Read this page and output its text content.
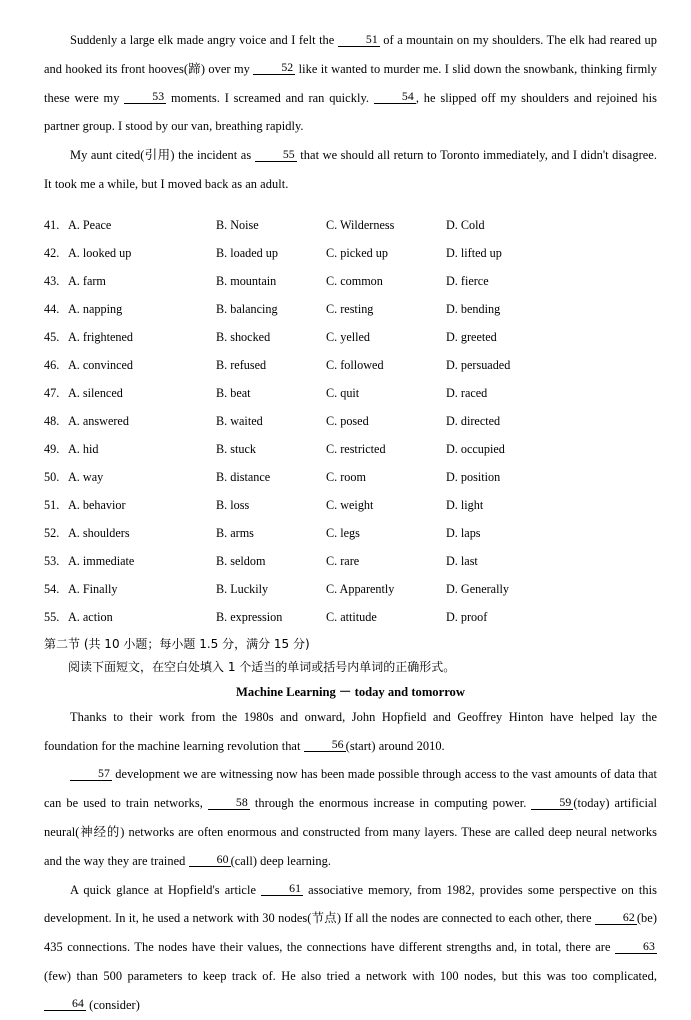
Suddenly a large elk made angry voice and I felt the 51 of a mountain on my shoulders. The elk had reared up and hooked its front hooves(蹄) over my 52 like it wanted to murder me. I slid down the snowbank, thinking firmly these were my 53 moments. I screamed and ran quickly. 54 , he slipped off my shoulders and rejoined his partner group. I stood by our van, breathing rapidly.

My aunt cited(引用) the incident as 55 that we should all return to Toronto immediately, and I didn't disagree. It took me a while, but I moved back as an adult.

41. A. Peace	B. Noise	C. Wilderness	D. Cold
42. A. looked up	B. loaded up	C. picked up	D. lifted up
43. A. farm	B. mountain	C. common	D. fierce
44. A. napping	B. balancing	C. resting	D. bending
45. A. frightened	B. shocked	C. yelled	D. greeted
46. A. convinced	B. refused	C. followed	D. persuaded
47. A. silenced	B. beat	C. quit	D. raced
48. A. answered	B. waited	C. posed	D. directed
49. A. hid	B. stuck	C. restricted	D. occupied
50. A. way	B. distance	C. room	D. position
51. A. behavior	B. loss	C. weight	D. light
52. A. shoulders	B. arms	C. legs	D. laps
53. A. immediate	B. seldom	C. rare	D. last
54. A. Finally	B. Luckily	C. Apparently	D. Generally
55. A. action	B. expression	C. attitude	D. proof
第二节 (共 10 小题；每小题 1.5 分，满分 15 分)
阅读下面短文，在空白处填入 1 个适当的单词或括号内单词的正确形式。

Machine Learning － today and tomorrow

Thanks to their work from the 1980s and onward, John Hopfield and Geoffrey Hinton have helped lay the foundation for the machine learning revolution that 56 (start) around 2010.

57 development we are witnessing now has been made possible through access to the vast amounts of data that can be used to train networks, 58 through the enormous increase in computing power. 59 (today) artificial neural(神经的) networks are often enormous and constructed from many layers. These are called deep neural networks and the way they are trained 60 (call) deep learning.

A quick glance at Hopfield's article 61 associative memory, from 1982, provides some perspective on this development. In it, he used a network with 30 nodes(节点) If all the nodes are connected to each other, there 62 (be) 435 connections. The nodes have their values, the connections have different strengths and, in total, there are 63 (few) than 500 parameters to keep track of. He also tried a network with 100 nodes, but this was too complicated, 64 (consider)
